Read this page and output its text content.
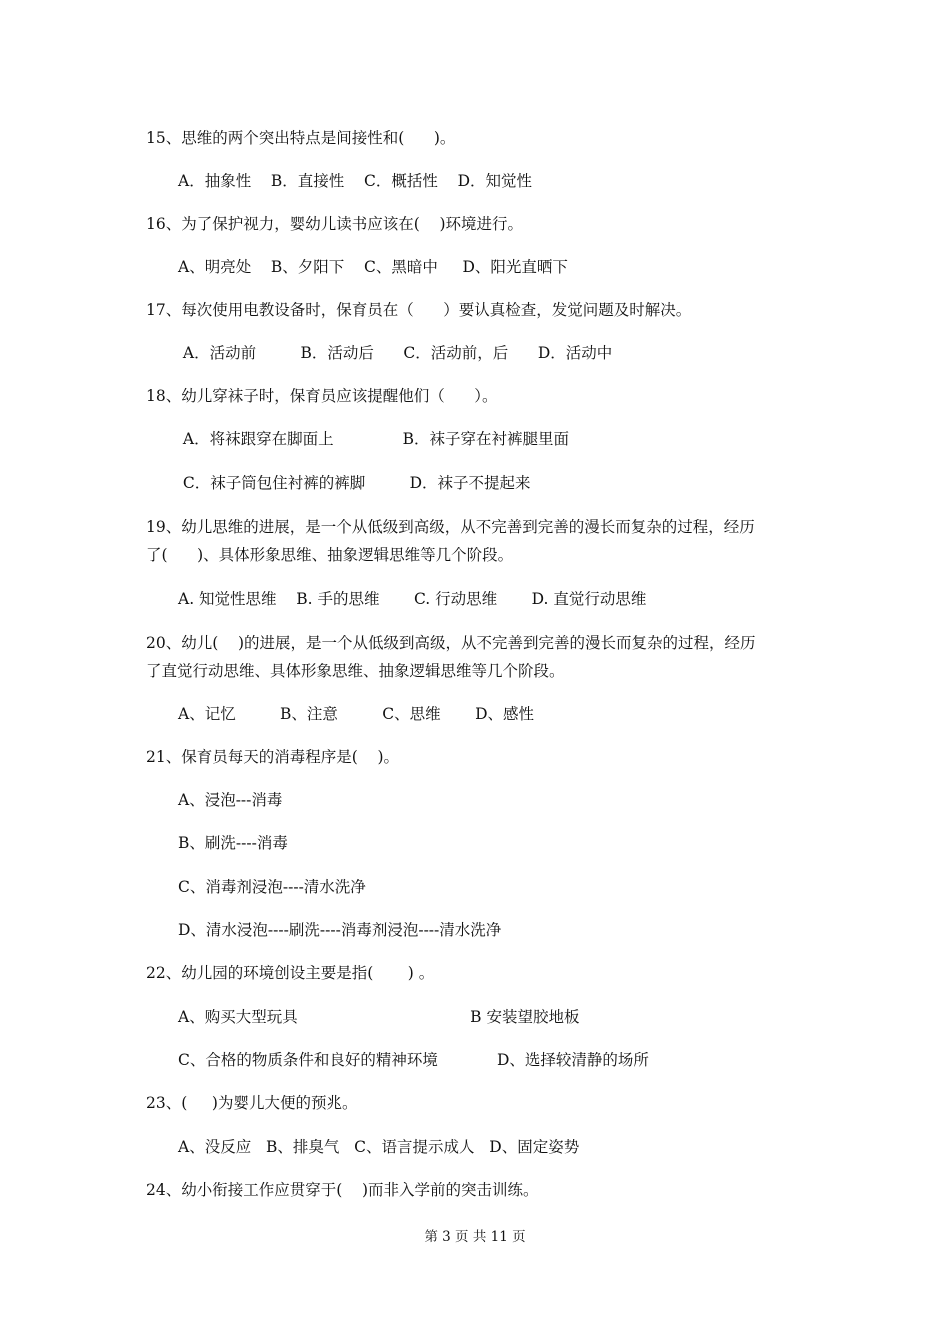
15、思维的两个突出特点是间接性和(      )。
A．抽象性    B．直接性    C．概括性    D．知觉性
16、为了保护视力，婴幼儿读书应该在(    )环境进行。
A、明亮处    B、夕阳下    C、黑暗中     D、阳光直晒下
17、每次使用电教设备时，保育员在（      ）要认真检查，发觉问题及时解决。
A．活动前         B．活动后      C．活动前，后      D．活动中
18、幼儿穿袜子时，保育员应该提醒他们（      ）。
A．将袜跟穿在脚面上              B．袜子穿在衬裤腿里面
C．袜子筒包住衬裤的裤脚         D．袜子不提起来
19、幼儿思维的进展，是一个从低级到高级，从不完善到完善的漫长而复杂的过程，经历
了(      )、具体形象思维、抽象逻辑思维等几个阶段。
A. 知觉性思维    B. 手的思维       C. 行动思维       D. 直觉行动思维
20、幼儿(    )的进展，是一个从低级到高级，从不完善到完善的漫长而复杂的过程，经历
了直觉行动思维、具体形象思维、抽象逻辑思维等几个阶段。
A、记忆         B、注意         C、思维       D、感性
21、保育员每天的消毒程序是(    )。
A、浸泡---消毒
B、刷洗----消毒
C、消毒剂浸泡----清水洗净
D、清水浸泡----刷洗----消毒剂浸泡----清水洗净
22、幼儿园的环境创设主要是指(       ) 。
A、购买大型玩具                                   B 安装望胶地板
C、合格的物质条件和良好的精神环境            D、选择较清静的场所
23、(     )为婴儿大便的预兆。
A、没反应   B、排臭气   C、语言提示成人   D、固定姿势
24、幼小衔接工作应贯穿于(    )而非入学前的突击训练。
第 3 页 共 11 页
